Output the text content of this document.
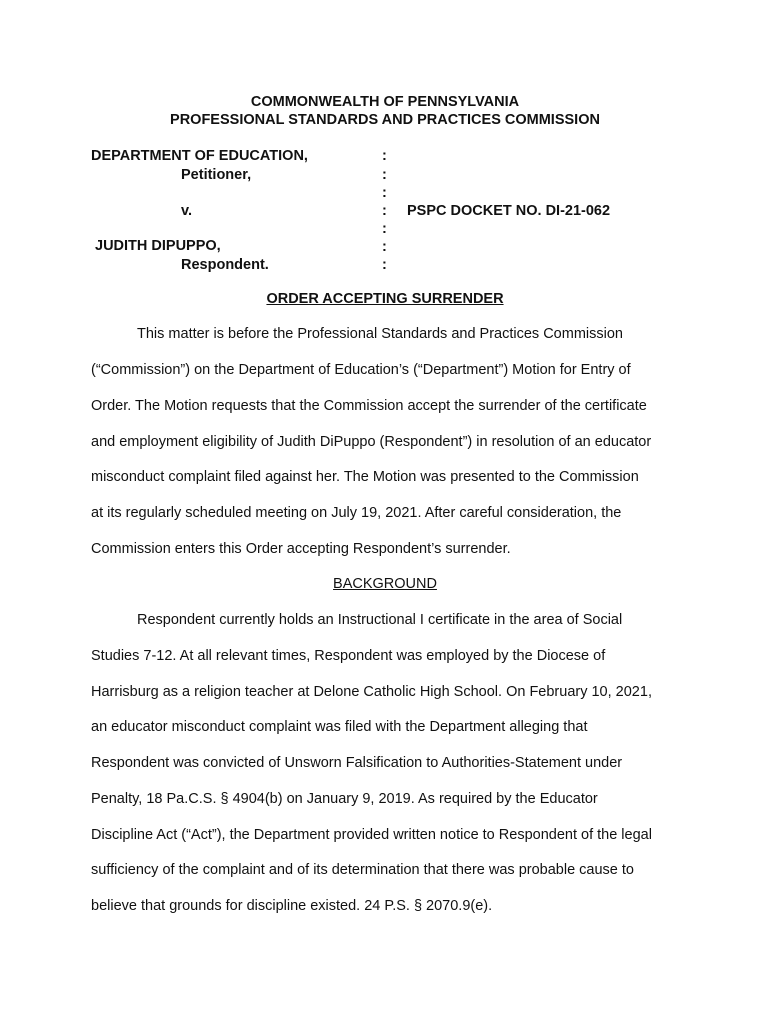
COMMONWEALTH OF PENNSYLVANIA
PROFESSIONAL STANDARDS AND PRACTICES COMMISSION
DEPARTMENT OF EDUCATION,
Petitioner,
v.
JUDITH DIPUPPO,
Respondent.
PSPC DOCKET NO. DI-21-062
:
:
:
:
:
:
:
ORDER ACCEPTING SURRENDER
This matter is before the Professional Standards and Practices Commission
(“Commission”) on the Department of Education’s (“Department”) Motion for Entry of
Order. The Motion requests that the Commission accept the surrender of the certificate
and employment eligibility of Judith DiPuppo (Respondent”) in resolution of an educator
misconduct complaint filed against her. The Motion was presented to the Commission
at its regularly scheduled meeting on July 19, 2021. After careful consideration, the
Commission enters this Order accepting Respondent’s surrender.
BACKGROUND
Respondent currently holds an Instructional I certificate in the area of Social
Studies 7-12. At all relevant times, Respondent was employed by the Diocese of
Harrisburg as a religion teacher at Delone Catholic High School. On February 10, 2021,
an educator misconduct complaint was filed with the Department alleging that
Respondent was convicted of Unsworn Falsification to Authorities-Statement under
Penalty, 18 Pa.C.S. § 4904(b) on January 9, 2019. As required by the Educator
Discipline Act (“Act”), the Department provided written notice to Respondent of the legal
sufficiency of the complaint and of its determination that there was probable cause to
believe that grounds for discipline existed. 24 P.S. § 2070.9(e).
